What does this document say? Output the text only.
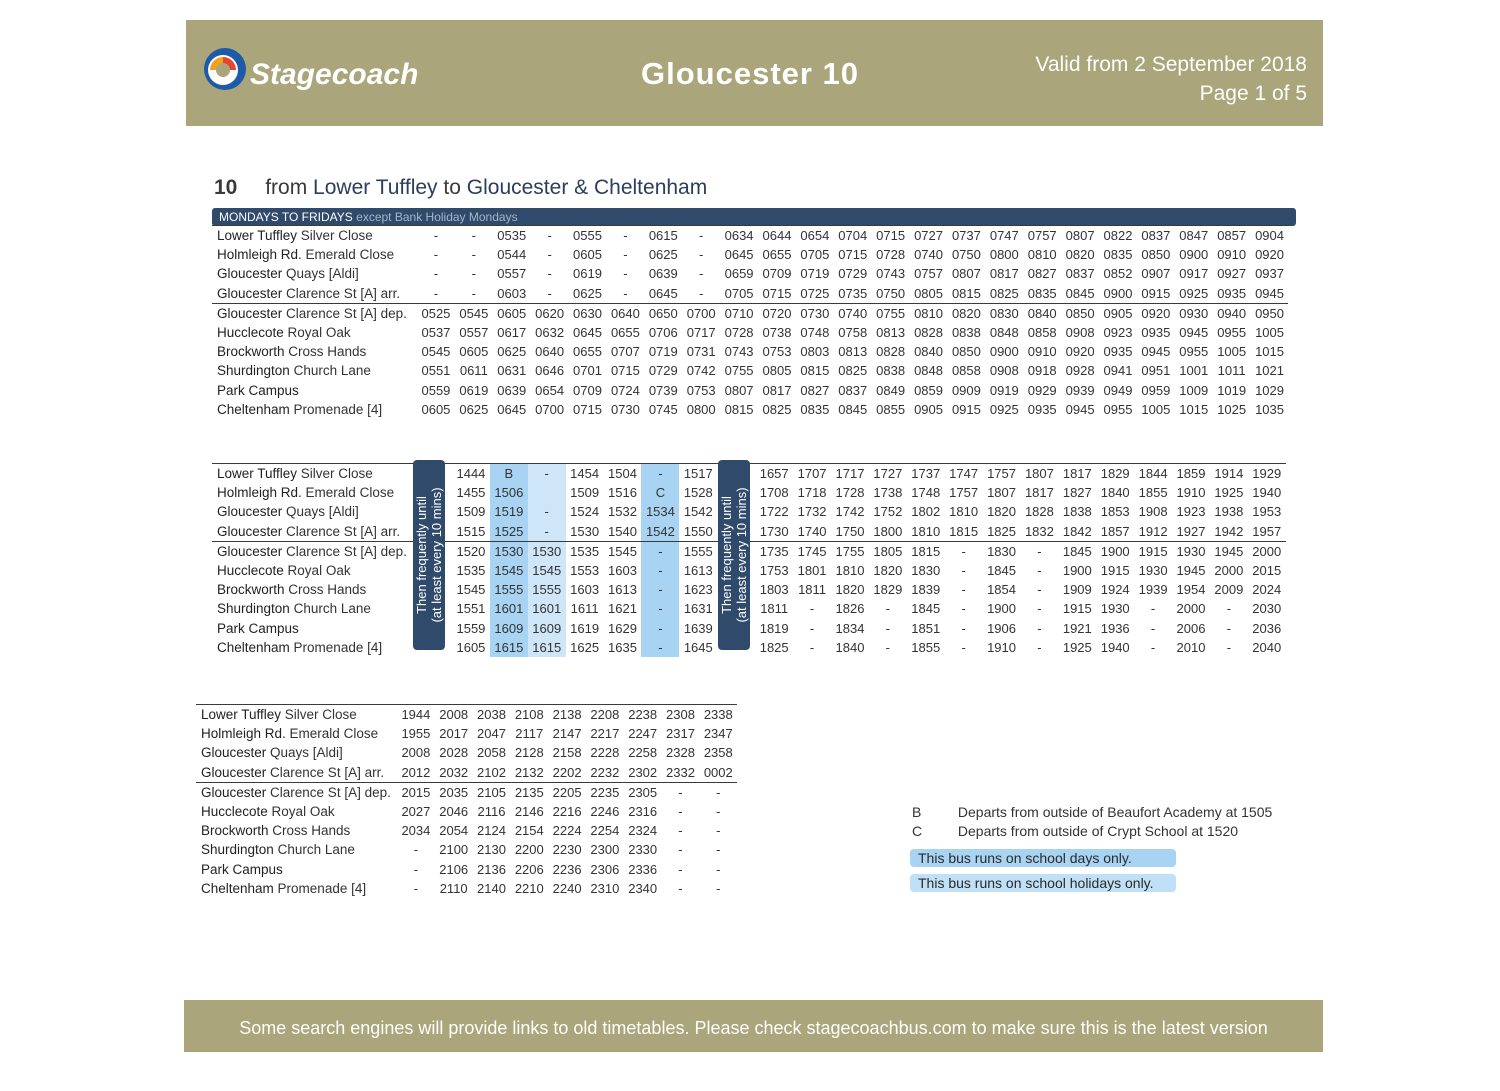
Stagecoach	Gloucester 10	Valid from 2 September 2018
Page 1 of 5
10 from Lower Tuffley to Gloucester & Cheltenham
MONDAYS TO FRIDAYS except Bank Holiday Mondays
Lower Tuffley Silver Close	-	-	0535	-	0555	-	0615	-	0634	0644	0654	0704	0715	0727	0737	0747	0757	0807	0822	0837	0847	0857	0904
Holmleigh Rd. Emerald Close	-	-	0544	-	0605	-	0625	-	0645	0655	0705	0715	0728	0740	0750	0800	0810	0820	0835	0850	0900	0910	0920
Gloucester Quays [Aldi]	-	-	0557	-	0619	-	0639	-	0659	0709	0719	0729	0743	0757	0807	0817	0827	0837	0852	0907	0917	0927	0937
Gloucester Clarence St [A] arr.	-	-	0603	-	0625	-	0645	-	0705	0715	0725	0735	0750	0805	0815	0825	0835	0845	0900	0915	0925	0935	0945
Gloucester Clarence St [A] dep.	0525	0545	0605	0620	0630	0640	0650	0700	0710	0720	0730	0740	0755	0810	0820	0830	0840	0850	0905	0920	0930	0940	0950
Hucclecote Royal Oak	0537	0557	0617	0632	0645	0655	0706	0717	0728	0738	0748	0758	0813	0828	0838	0848	0858	0908	0923	0935	0945	0955	1005
Brockworth Cross Hands	0545	0605	0625	0640	0655	0707	0719	0731	0743	0753	0803	0813	0828	0840	0850	0900	0910	0920	0935	0945	0955	1005	1015
Shurdington Church Lane	0551	0611	0631	0646	0701	0715	0729	0742	0755	0805	0815	0825	0838	0848	0858	0908	0918	0928	0941	0951	1001	1011	1021
Park Campus	0559	0619	0639	0654	0709	0724	0739	0753	0807	0817	0827	0837	0849	0859	0909	0919	0929	0939	0949	0959	1009	1019	1029
Cheltenham Promenade [4]	0605	0625	0645	0700	0715	0730	0745	0800	0815	0825	0835	0845	0855	0905	0915	0925	0935	0945	0955	1005	1015	1025	1035
Lower Tuffley Silver Close		1444	B	-	1454	1504	-	1517		1657	1707	1717	1727	1737	1747	1757	1807	1817	1829	1844	1859	1914	1929
Holmleigh Rd. Emerald Close		1455	1506		1509	1516	C	1528		1708	1718	1728	1738	1748	1757	1807	1817	1827	1840	1855	1910	1925	1940
Gloucester Quays [Aldi]		1509	1519	-	1524	1532	1534	1542		1722	1732	1742	1752	1802	1810	1820	1828	1838	1853	1908	1923	1938	1953
Gloucester Clarence St [A] arr.		1515	1525	-	1530	1540	1542	1550		1730	1740	1750	1800	1810	1815	1825	1832	1842	1857	1912	1927	1942	1957
Gloucester Clarence St [A] dep.		1520	1530	1530	1535	1545	-	1555		1735	1745	1755	1805	1815	-	1830	-	1845	1900	1915	1930	1945	2000
Hucclecote Royal Oak		1535	1545	1545	1553	1603	-	1613		1753	1801	1810	1820	1830	-	1845	-	1900	1915	1930	1945	2000	2015
Brockworth Cross Hands		1545	1555	1555	1603	1613	-	1623		1803	1811	1820	1829	1839	-	1854	-	1909	1924	1939	1954	2009	2024
Shurdington Church Lane		1551	1601	1601	1611	1621	-	1631		1811	-	1826	-	1845	-	1900	-	1915	1930	-	2000	-	2030
Park Campus		1559	1609	1609	1619	1629	-	1639		1819	-	1834	-	1851	-	1906	-	1921	1936	-	2006	-	2036
Cheltenham Promenade [4]		1605	1615	1615	1625	1635	-	1645		1825	-	1840	-	1855	-	1910	-	1925	1940	-	2010	-	2040
Then frequently until (at least every 10 mins)	Then frequently until (at least every 10 mins)
Lower Tuffley Silver Close	1944	2008	2038	2108	2138	2208	2238	2308	2338
Holmleigh Rd. Emerald Close	1955	2017	2047	2117	2147	2217	2247	2317	2347
Gloucester Quays [Aldi]	2008	2028	2058	2128	2158	2228	2258	2328	2358
Gloucester Clarence St [A] arr.	2012	2032	2102	2132	2202	2232	2302	2332	0002
Gloucester Clarence St [A] dep.	2015	2035	2105	2135	2205	2235	2305	-	-
Hucclecote Royal Oak	2027	2046	2116	2146	2216	2246	2316	-	-
Brockworth Cross Hands	2034	2054	2124	2154	2224	2254	2324	-	-
Shurdington Church Lane	-	2100	2130	2200	2230	2300	2330	-	-
Park Campus	-	2106	2136	2206	2236	2306	2336	-	-
Cheltenham Promenade [4]	-	2110	2140	2210	2240	2310	2340	-	-
B	Departs from outside of Beaufort Academy at 1505
C	Departs from outside of Crypt School at 1520
This bus runs on school days only.
This bus runs on school holidays only.
Some search engines will provide links to old timetables. Please check stagecoachbus.com to make sure this is the latest version
